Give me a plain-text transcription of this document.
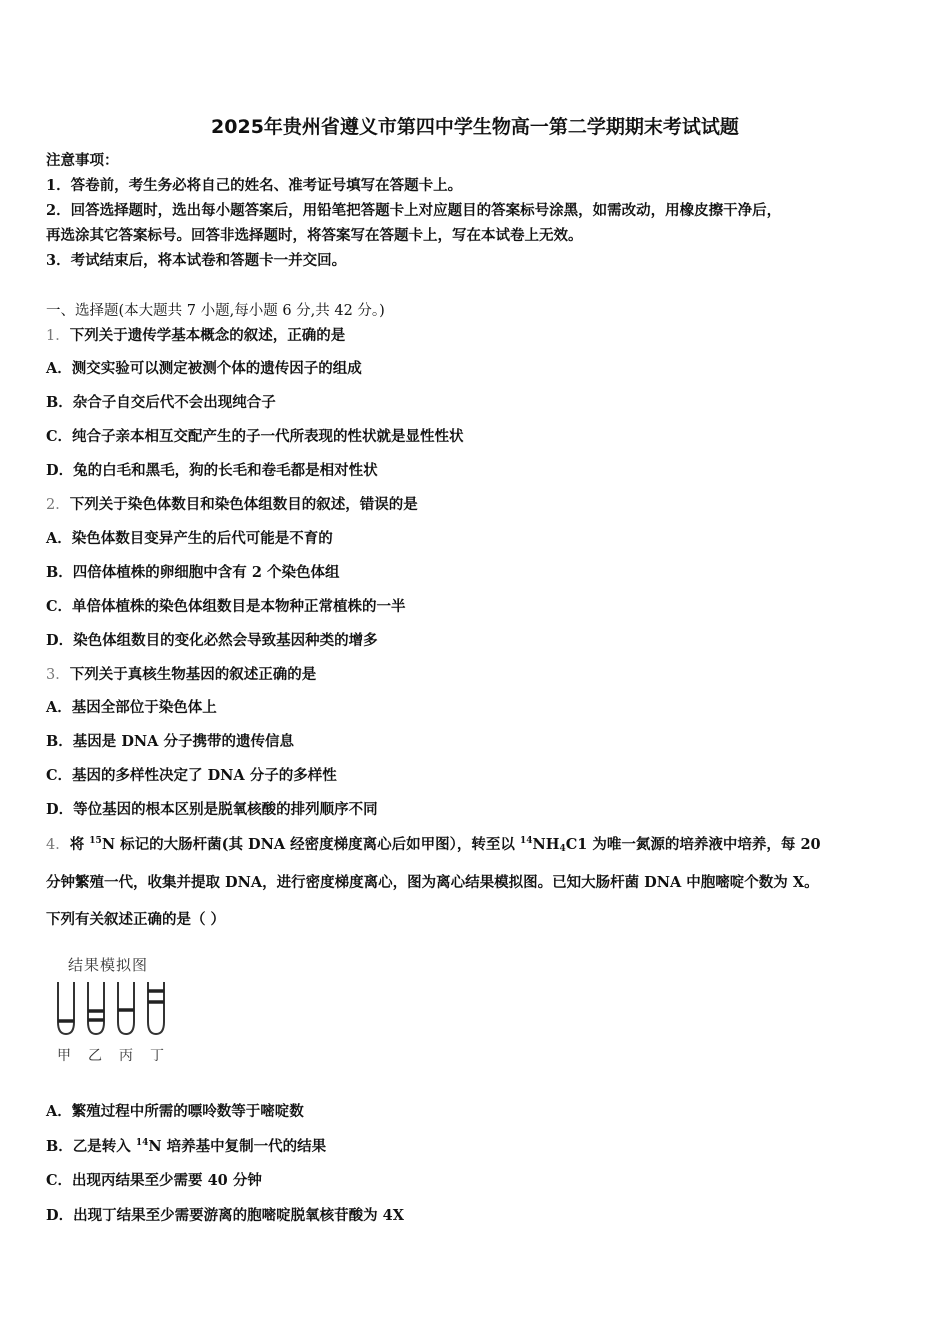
2025年贵州省遵义市第四中学生物高一第二学期期末考试试题
注意事项：
1．答卷前，考生务必将自己的姓名、准考证号填写在答题卡上。
2．回答选择题时，选出每小题答案后，用铅笔把答题卡上对应题目的答案标号涂黑，如需改动，用橡皮擦干净后，
再选涂其它答案标号。回答非选择题时，将答案写在答题卡上，写在本试卷上无效。
3．考试结束后，将本试卷和答题卡一并交回。
一、选择题(本大题共 7 小题,每小题 6 分,共 42 分。)
1．下列关于遗传学基本概念的叙述，正确的是
A．测交实验可以测定被测个体的遗传因子的组成
B．杂合子自交后代不会出现纯合子
C．纯合子亲本相互交配产生的子一代所表现的性状就是显性性状
D．兔的白毛和黑毛，狗的长毛和卷毛都是相对性状
2．下列关于染色体数目和染色体组数目的叙述，错误的是
A．染色体数目变异产生的后代可能是不育的
B．四倍体植株的卵细胞中含有 2 个染色体组
C．单倍体植株的染色体组数目是本物种正常植株的一半
D．染色体组数目的变化必然会导致基因种类的增多
3．下列关于真核生物基因的叙述正确的是
A．基因全部位于染色体上
B．基因是 DNA 分子携带的遗传信息
C．基因的多样性决定了 DNA 分子的多样性
D．等位基因的根本区别是脱氧核酸的排列顺序不同
4．将 $^{15}$N 标记的大肠杆菌(其 DNA 经密度梯度离心后如甲图），转至以 $^{14}NH_4C1$ 为唯一氮源的培养液中培养，每 20
分钟繁殖一代，收集并提取 DNA，进行密度梯度离心，图为离心结果模拟图。已知大肠杆菌 DNA 中胞嘧啶个数为 X。
下列有关叙述正确的是（ ）
结果模拟图
甲 乙 丙 丁
A．繁殖过程中所需的嘌呤数等于嘧啶数
B．乙是转入 $^{14}$N 培养基中复制一代的结果
C．出现丙结果至少需要 40 分钟
D．出现丁结果至少需要游离的胞嘧啶脱氧核苷酸为 4X
